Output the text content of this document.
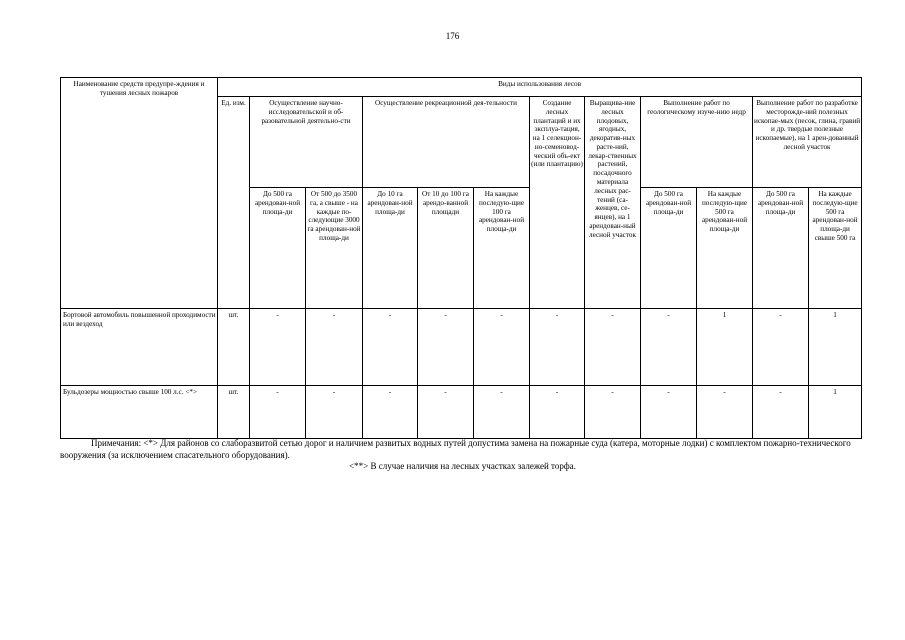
176
Наименование средств предупре-ждения и тушения лесных пожаров	Виды использования лесов											
	Ед. изм.	Осуществление научно-исследовательской и об-разовательной деятельно-сти		Осуществление рекреационной дея-тельности			Создание лесных плантаций и их эксплуа-тация, на 1 селекцион-но-семеновод-ческий объ-ект (или плантацию)	Выращива-ние лесных плодовых, ягодных, декоратив-ных расте-ний, лекар-ственных растений, посадочного материала лесных рас-тений (са-женцев, се-янцев), на 1 арендован-ный лесной участок	Выполнение работ по геологическому изуче-нию недр		Выполнение работ по разработке месторожде-ний полезных ископае-мых (песок, глина, гравий и др. твердые полезные ископаемые), на 1 арен-дованный лесной участок	
		До 500 га арендован-ной площа-ди	От 500 до 3500 га, а свыше - на каждые по-следующие 3000 га арендован-ной площа-ди	До 10 га арендован-ной площа-ди	От 10 до 100 га арендо-ванной площади	На каждые последую-щие 100 га арендован-ной площа-ди			До 500 га арендован-ной площа-ди	На каждые последую-щие 500 га арендован-ной площа-ди	До 500 га арендован-ной площа-ди	На каждые последую-щие 500 га арендован-ной площа-ди свыше 500 га
Бортовой автомобиль повышенной проходимости или вездеход	шт.	-	-	-	-	-	-	-	-	1	-	1
Бульдозеры мощностью свыше 100 л.с. <*>	шт.	-	-	-	-	-	-	-	-	-	-	1

Примечания: <*> Для районов со слаборазвитой сетью дорог и наличием развитых водных путей допустима замена на пожарные суда (катера, моторные лодки) с комплектом пожарно-технического вооружения (за исключением спасательного оборудования).

<**> В случае наличия на лесных участках залежей торфа.
